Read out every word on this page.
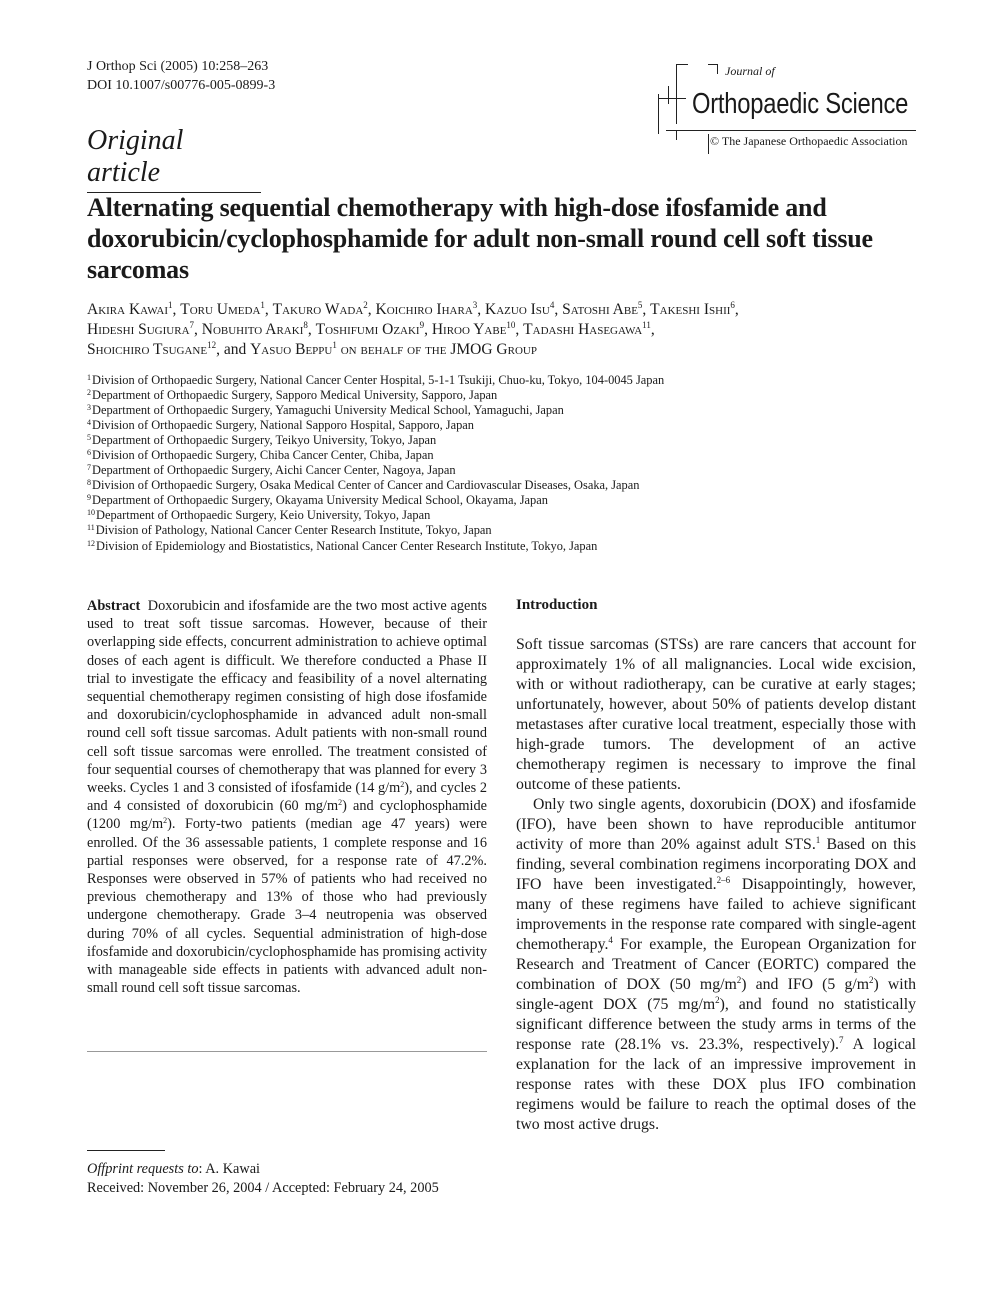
J Orthop Sci (2005) 10:258–263
DOI 10.1007/s00776-005-0899-3
Journal of
Orthopaedic Science
© The Japanese Orthopaedic Association
Original article
Alternating sequential chemotherapy with high-dose ifosfamide and doxorubicin/cyclophosphamide for adult non-small round cell soft tissue sarcomas
Akira Kawai$^1$, Toru Umeda$^1$, Takuro Wada$^2$, Koichiro Ihara$^3$, Kazuo Isu$^4$, Satoshi Abe$^5$, Takeshi Ishii$^6$,
Hideshi Sugiura$^7$, Nobuhito Araki$^8$, Toshifumi Ozaki$^9$, Hiroo Yabe$^{10}$, Tadashi Hasegawa$^{11}$,
Shoichiro Tsugane$^{12}$, and Yasuo Beppu$^1$ on behalf of the JMOG Group
$^1$Division of Orthopaedic Surgery, National Cancer Center Hospital, 5-1-1 Tsukiji, Chuo-ku, Tokyo, 104-0045 Japan
$^2$Department of Orthopaedic Surgery, Sapporo Medical University, Sapporo, Japan
$^3$Department of Orthopaedic Surgery, Yamaguchi University Medical School, Yamaguchi, Japan
$^4$Division of Orthopaedic Surgery, National Sapporo Hospital, Sapporo, Japan
$^5$Department of Orthopaedic Surgery, Teikyo University, Tokyo, Japan
$^6$Division of Orthopaedic Surgery, Chiba Cancer Center, Chiba, Japan
$^7$Department of Orthopaedic Surgery, Aichi Cancer Center, Nagoya, Japan
$^8$Division of Orthopaedic Surgery, Osaka Medical Center of Cancer and Cardiovascular Diseases, Osaka, Japan
$^9$Department of Orthopaedic Surgery, Okayama University Medical School, Okayama, Japan
$^{10}$Department of Orthopaedic Surgery, Keio University, Tokyo, Japan
$^{11}$Division of Pathology, National Cancer Center Research Institute, Tokyo, Japan
$^{12}$Division of Epidemiology and Biostatistics, National Cancer Center Research Institute, Tokyo, Japan
Abstract Doxorubicin and ifosfamide are the two most active agents used to treat soft tissue sarcomas. However, because of their overlapping side effects, concurrent administration to achieve optimal doses of each agent is difficult. We therefore conducted a Phase II trial to investigate the efficacy and feasibility of a novel alternating sequential chemotherapy regimen consisting of high dose ifosfamide and doxorubicin/cyclophosphamide in advanced adult non-small round cell soft tissue sarcomas. Adult patients with non-small round cell soft tissue sarcomas were enrolled. The treatment consisted of four sequential courses of chemotherapy that was planned for every 3 weeks. Cycles 1 and 3 consisted of ifosfamide (14 $g/m^2$), and cycles 2 and 4 consisted of doxorubicin (60 $mg/m^2$) and cyclophosphamide (1200 $mg/m^2$). Forty-two patients (median age 47 years) were enrolled. Of the 36 assessable patients, 1 complete response and 16 partial responses were observed, for a response rate of 47.2%. Responses were observed in 57% of patients who had received no previous chemotherapy and 13% of those who had previously undergone chemotherapy. Grade 3–4 neutropenia was observed during 70% of all cycles. Sequential administration of high-dose ifosfamide and doxorubicin/cyclophosphamide has promising activity with manageable side effects in patients with advanced adult non-small round cell soft tissue sarcomas.
Offprint requests to: A. Kawai
Received: November 26, 2004 / Accepted: February 24, 2005
Introduction

Soft tissue sarcomas (STSs) are rare cancers that account for approximately 1% of all malignancies. Local wide excision, with or without radiotherapy, can be curative at early stages; unfortunately, however, about 50% of patients develop distant metastases after curative local treatment, especially those with high-grade tumors. The development of an active chemotherapy regimen is necessary to improve the final outcome of these patients.

Only two single agents, doxorubicin (DOX) and ifosfamide (IFO), have been shown to have reproducible antitumor activity of more than 20% against adult STS.$^1$ Based on this finding, several combination regimens incorporating DOX and IFO have been investigated.$^{2-6}$ Disappointingly, however, many of these regimens have failed to achieve significant improvements in the response rate compared with single-agent chemotherapy.$^4$ For example, the European Organization for Research and Treatment of Cancer (EORTC) compared the combination of DOX (50 $mg/m^2$) and IFO (5 $g/m^2$) with single-agent DOX (75 $mg/m^2$), and found no statistically significant difference between the study arms in terms of the response rate (28.1% vs. 23.3%, respectively).$^7$ A logical explanation for the lack of an impressive improvement in response rates with these DOX plus IFO combination regimens would be failure to reach the optimal doses of the two most active drugs.
